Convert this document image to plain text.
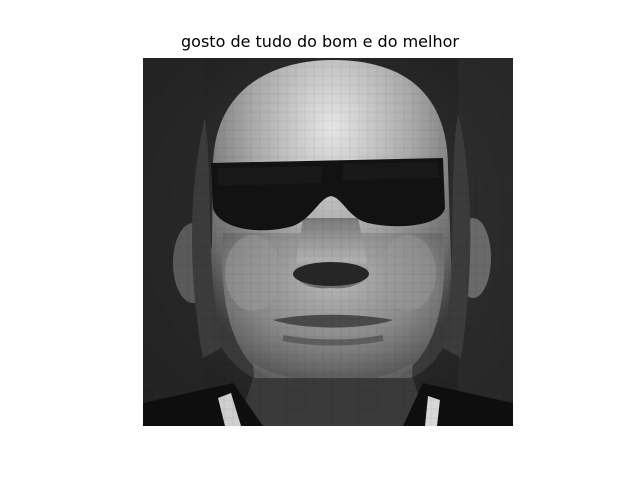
gosto de tudo do bom e do melhor
